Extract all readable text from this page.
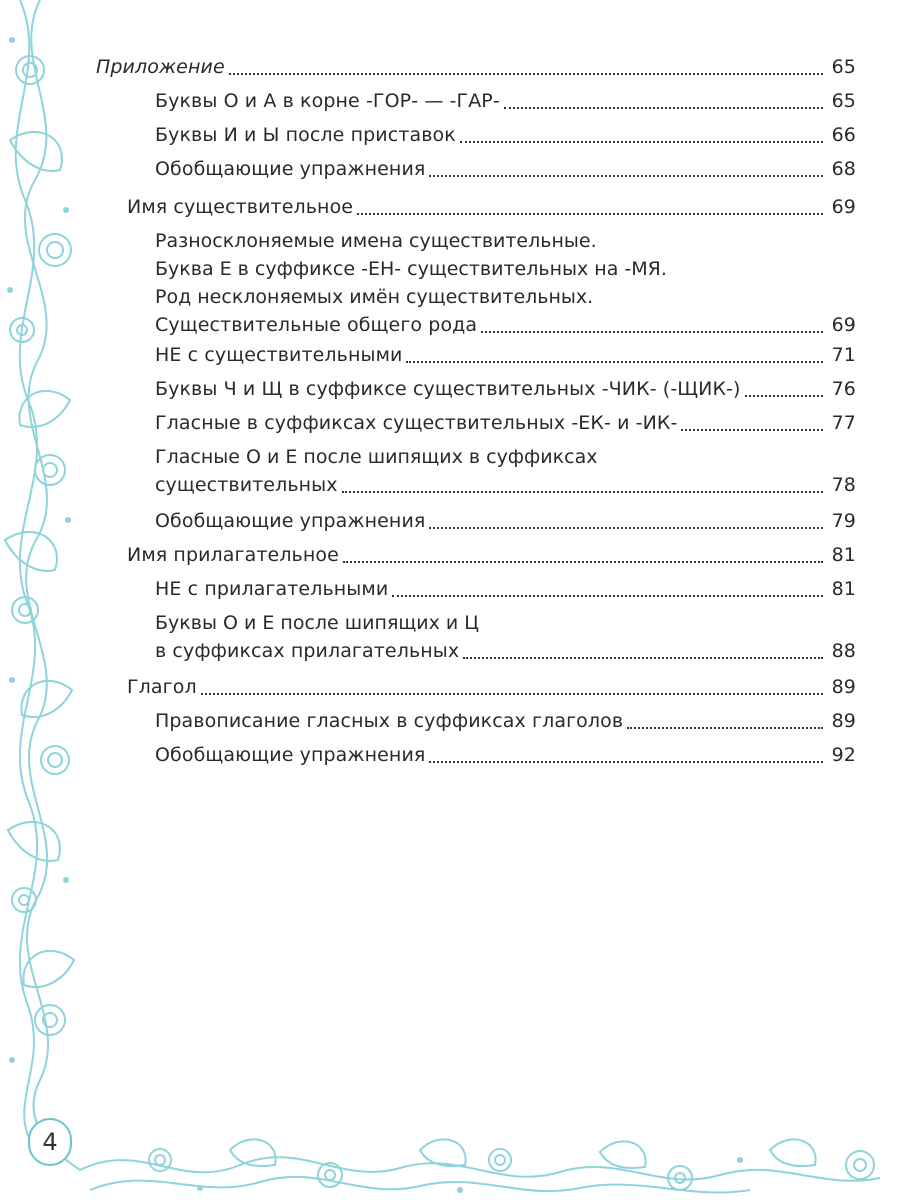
Приложение	65
Буквы О и А в корне -ГОР- — -ГАР-	65
Буквы И и Ы после приставок	66
Обобщающие упражнения	68
Имя существительное	69
Разносклоняемые имена существительные.
Буква Е в суффиксе -ЕН- существительных на -МЯ.
Род несклоняемых имён существительных.
Существительные общего рода	69
НЕ с существительными	71
Буквы Ч и Щ в суффиксе существительных -ЧИК- (-ЩИК-)	76
Гласные в суффиксах существительных -ЕК- и -ИК-	77
Гласные О и Е после шипящих в суффиксах
существительных	78
Обобщающие упражнения	79
Имя прилагательное	81
НЕ с прилагательными	81
Буквы О и Е после шипящих и Ц
в суффиксах прилагательных	88
Глагол	89
Правописание гласных в суффиксах глаголов	89
Обобщающие упражнения	92
4
